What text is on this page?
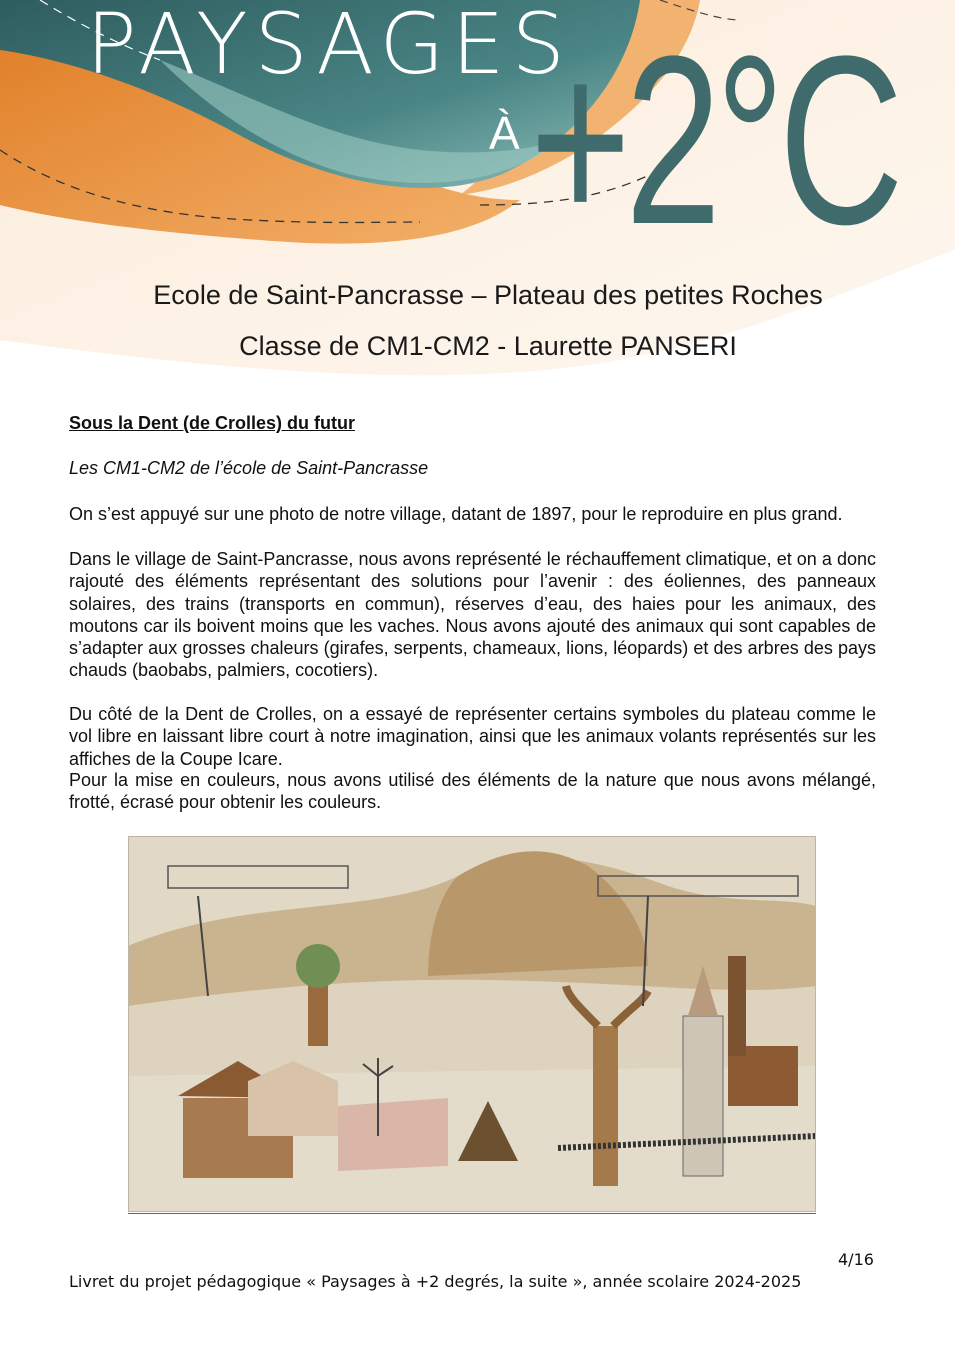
PAYSAGES
À +2°C
Ecole de Saint-Pancrasse – Plateau des petites Roches
Classe de CM1-CM2 - Laurette PANSERI
Sous la Dent (de Crolles) du futur
Les CM1-CM2 de l’école de Saint-Pancrasse

On s’est appuyé sur une photo de notre village, datant de 1897, pour le reproduire en plus grand.

Dans le village de Saint-Pancrasse, nous avons représenté le réchauffement climatique, et on a donc rajouté des éléments représentant des solutions pour l’avenir : des éoliennes, des panneaux solaires, des trains (transports en commun), réserves d’eau, des haies pour les animaux, des moutons car ils boivent moins que les vaches. Nous avons ajouté des animaux qui sont capables de s’adapter aux grosses chaleurs (girafes, serpents, chameaux, lions, léopards) et des arbres des pays chauds (baobabs, palmiers, cocotiers).

Du côté de la Dent de Crolles, on a essayé de représenter certains symboles du plateau comme le vol libre en laissant libre court à notre imagination, ainsi que les animaux volants représentés sur les affiches de la Coupe Icare.

Pour la mise en couleurs, nous avons utilisé des éléments de la nature que nous avons mélangé, frotté, écrasé pour obtenir les couleurs.

4/16
Livret du projet pédagogique « Paysages à +2 degrés, la suite », année scolaire 2024-2025
